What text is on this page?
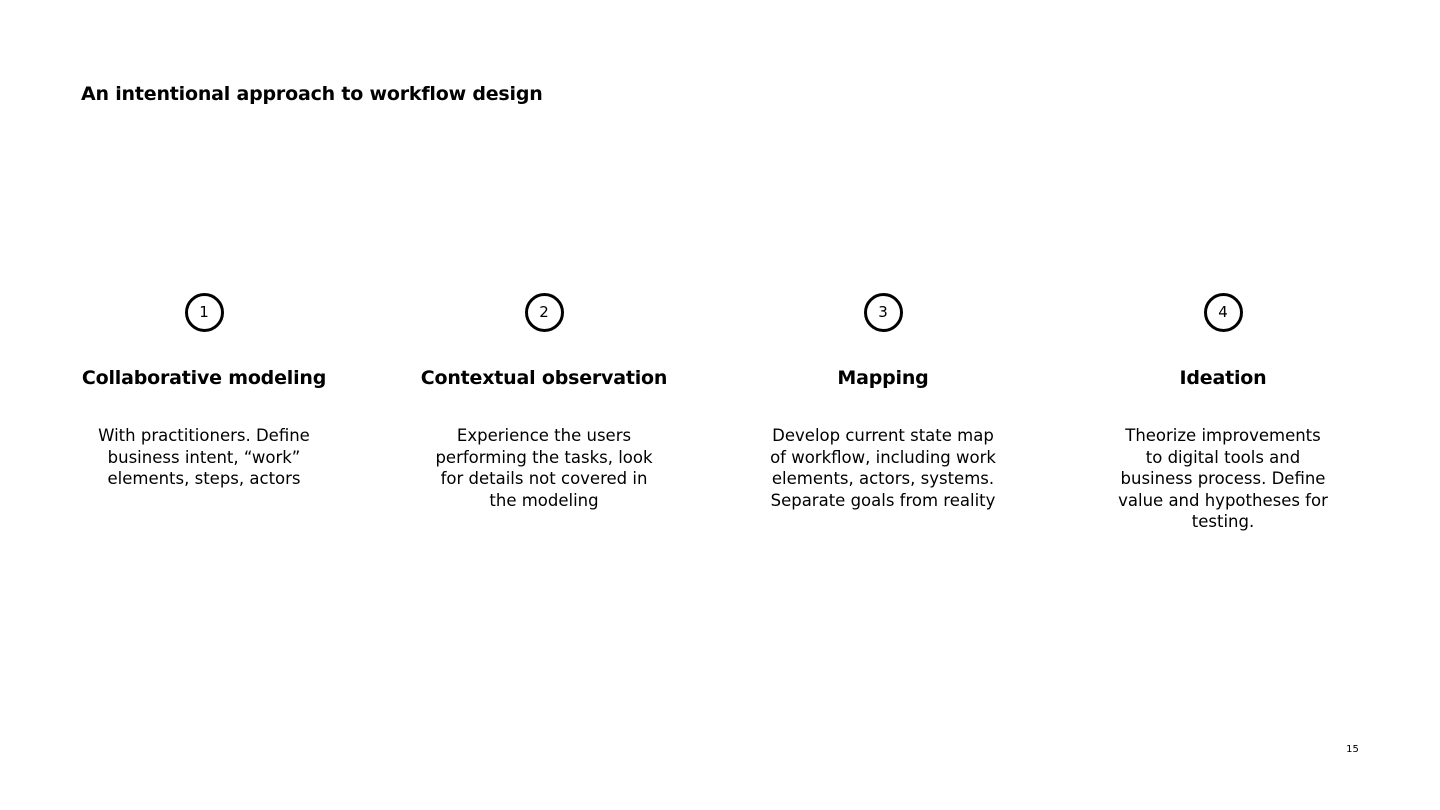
An intentional approach to workflow design
1
Collaborative modeling
With practitioners. Define business intent, “work” elements, steps, actors
2
Contextual observation
Experience the users performing the tasks, look for details not covered in the modeling
3
Mapping
Develop current state map of workflow, including work elements, actors, systems. Separate goals from reality
4
Ideation
Theorize improvements to digital tools and business process. Define value and hypotheses for testing.
15
